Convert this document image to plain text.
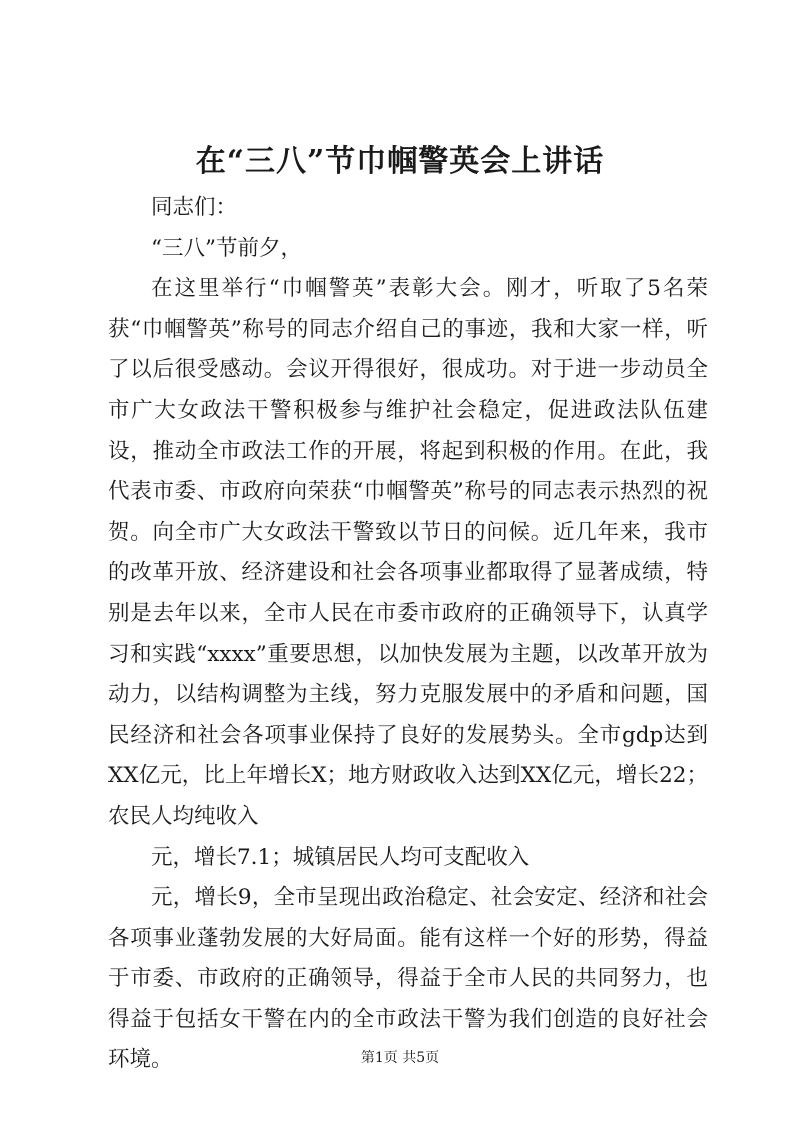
在“三八”节巾帼警英会上讲话

同志们：

“三八”节前夕，

在这里举行“巾帼警英”表彰大会。刚才，听取了5名荣获“巾帼警英”称号的同志介绍自己的事迹，我和大家一样，听了以后很受感动。会议开得很好，很成功。对于进一步动员全市广大女政法干警积极参与维护社会稳定，促进政法队伍建设，推动全市政法工作的开展，将起到积极的作用。在此，我代表市委、市政府向荣获“巾帼警英”称号的同志表示热烈的祝贺。向全市广大女政法干警致以节日的问候。近几年来，我市的改革开放、经济建设和社会各项事业都取得了显著成绩，特别是去年以来，全市人民在市委市政府的正确领导下，认真学习和实践“xxxx”重要思想，以加快发展为主题，以改革开放为动力，以结构调整为主线，努力克服发展中的矛盾和问题，国民经济和社会各项事业保持了良好的发展势头。全市gdp达到XX亿元，比上年增长X；地方财政收入达到XX亿元，增长22；农民人均纯收入

元，增长7.1；城镇居民人均可支配收入

元，增长9，全市呈现出政治稳定、社会安定、经济和社会各项事业蓬勃发展的大好局面。能有这样一个好的形势，得益于市委、市政府的正确领导，得益于全市人民的共同努力，也得益于包括女干警在内的全市政法干警为我们创造的良好社会环境。	第1页 共5页
